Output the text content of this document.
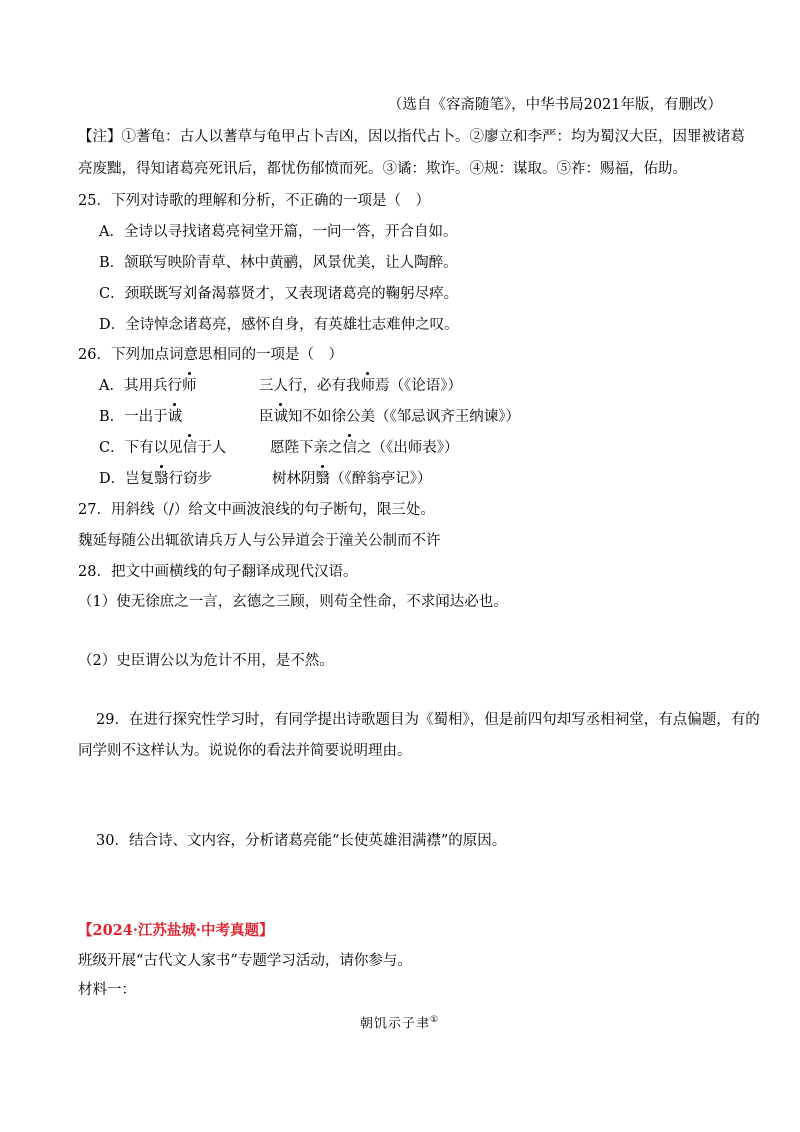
（选自《容斋随笔》，中华书局2021年版，有删改）
【注】①蓍龟：古人以蓍草与龟甲占卜吉凶，因以指代占卜。②廖立和李严：均为蜀汉大臣，因罪被诸葛
亮废黜，得知诸葛亮死讯后，都忧伤郁愤而死。③谲：欺诈。④规：谋取。⑤祚：赐福，佑助。
25．下列对诗歌的理解和分析，不正确的一项是（　）
A．全诗以寻找诸葛亮祠堂开篇，一问一答，开合自如。
B．颔联写映阶青草、林中黄鹂，风景优美，让人陶醉。
C．颈联既写刘备渴慕贤才，又表现诸葛亮的鞠躬尽瘁。
D．全诗悼念诸葛亮，感怀自身，有英雄壮志难伸之叹。
26．下列加点词意思相同的一项是（　）
A．其用兵行师	三人行，必有我师焉（《论语》）
B．一出于诚	臣诚知不如徐公美（《邹忌讽齐王纳谏》）
C．下有以见信于人	愿陛下亲之信之（《出师表》）
D．岂复翳行窃步	树林阴翳（《醉翁亭记》）
27．用斜线（/）给文中画波浪线的句子断句，限三处。
魏延每随公出辄欲请兵万人与公异道会于潼关公制而不许
28．把文中画横线的句子翻译成现代汉语。
（1）使无徐庶之一言，玄德之三顾，则苟全性命，不求闻达必也。
（2）史臣谓公以为危计不用，是不然。
29．在进行探究性学习时，有同学提出诗歌题目为《蜀相》，但是前四句却写丞相祠堂，有点偏题，有的
同学则不这样认为。说说你的看法并简要说明理由。
30．结合诗、文内容，分析诸葛亮能“长使英雄泪满襟”的原因。
【2024·江苏盐城·中考真题】
班级开展“古代文人家书”专题学习活动，请你参与。
材料一：
朝饥示子聿①
